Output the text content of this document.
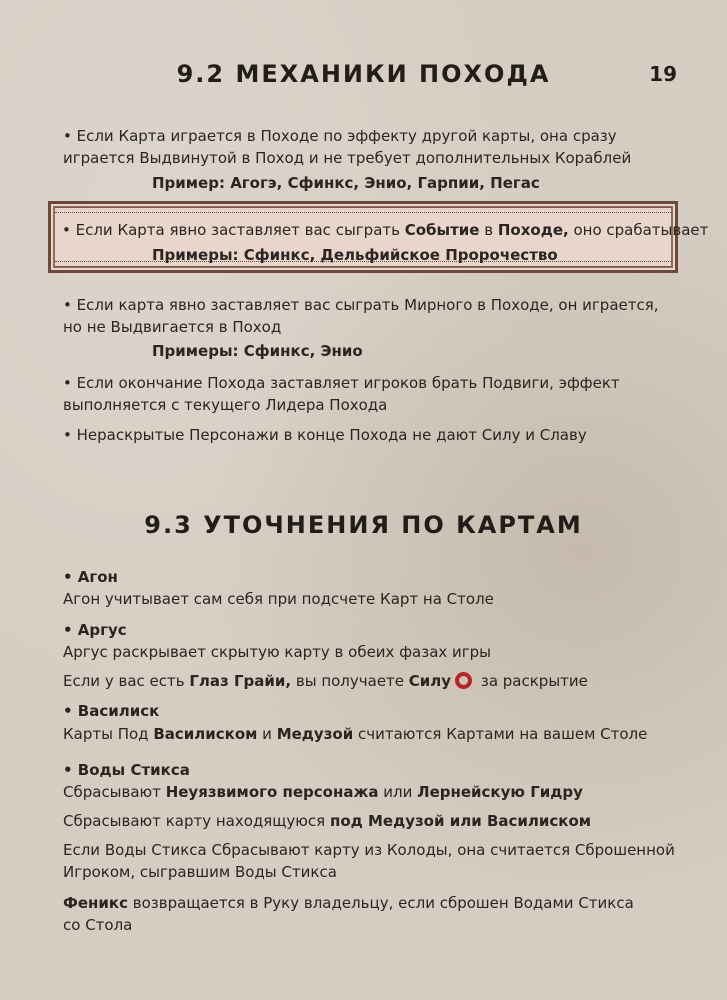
9.2 МЕХАНИКИ ПОХОДА	19
• Если Карта играется в Походе по эффекту другой карты, она сразу
играется Выдвинутой в Поход и не требует дополнительных Кораблей
Пример: Агогэ, Сфинкс, Энио, Гарпии, Пегас
• Если Карта явно заставляет вас сыграть Событие в Походе, оно срабатывает
Примеры: Сфинкс, Дельфийское Пророчество
• Если карта явно заставляет вас сыграть Мирного в Походе, он играется,
но не Выдвигается в Поход
Примеры: Сфинкс, Энио
• Если окончание Похода заставляет игроков брать Подвиги, эффект
выполняется с текущего Лидера Похода
• Нераскрытые Персонажи в конце Похода не дают Силу и Славу
9.3 УТОЧНЕНИЯ ПО КАРТАМ
• Агон
Агон учитывает сам себя при подсчете Карт на Столе
• Аргус
Аргус раскрывает скрытую карту в обеих фазах игры
Если у вас есть Глаз Грайи, вы получаете Силу за раскрытие
• Василиск
Карты Под Василиском и Медузой считаются Картами на вашем Столе
• Воды Стикса
Сбрасывают Неуязвимого персонажа или Лернейскую Гидру
Сбрасывают карту находящуюся под Медузой или Василиском
Если Воды Стикса Сбрасывают карту из Колоды, она считается Сброшенной
Игроком, сыгравшим Воды Стикса
Феникс возвращается в Руку владельцу, если сброшен Водами Стикса
со Стола
